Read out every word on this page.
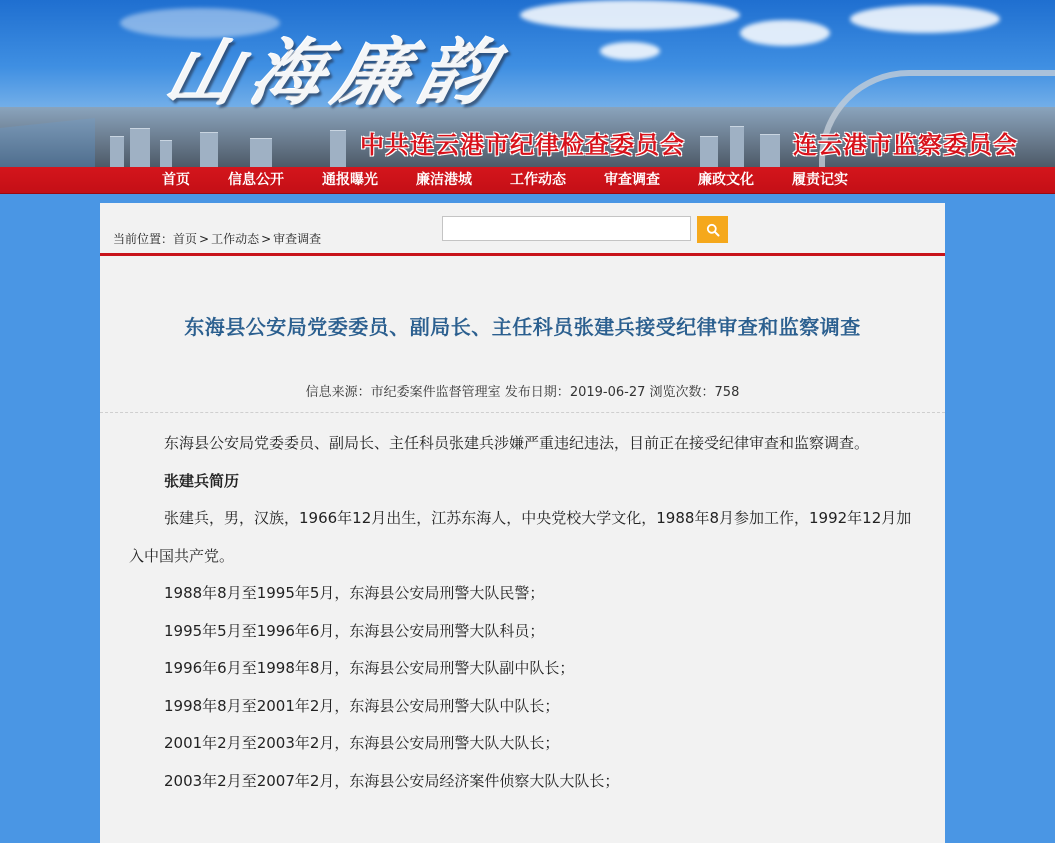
山海廉韵
中共连云港市纪律检查委员会	连云港市监察委员会
首页	信息公开	通报曝光	廉洁港城	工作动态	审查调查	廉政文化	履责记实
当前位置： 首页 > 工作动态 > 审查调查
东海县公安局党委委员、副局长、主任科员张建兵接受纪律审查和监察调查
信息来源：市纪委案件监督管理室 发布日期：2019-06-27 浏览次数：758

东海县公安局党委委员、副局长、主任科员张建兵涉嫌严重违纪违法，目前正在接受纪律审查和监察调查。

张建兵简历

张建兵，男，汉族，1966年12月出生，江苏东海人，中央党校大学文化，1988年8月参加工作，1992年12月加入中国共产党。

1988年8月至1995年5月，东海县公安局刑警大队民警；

1995年5月至1996年6月，东海县公安局刑警大队科员；

1996年6月至1998年8月，东海县公安局刑警大队副中队长；

1998年8月至2001年2月，东海县公安局刑警大队中队长；

2001年2月至2003年2月，东海县公安局刑警大队大队长；

2003年2月至2007年2月，东海县公安局经济案件侦察大队大队长；
